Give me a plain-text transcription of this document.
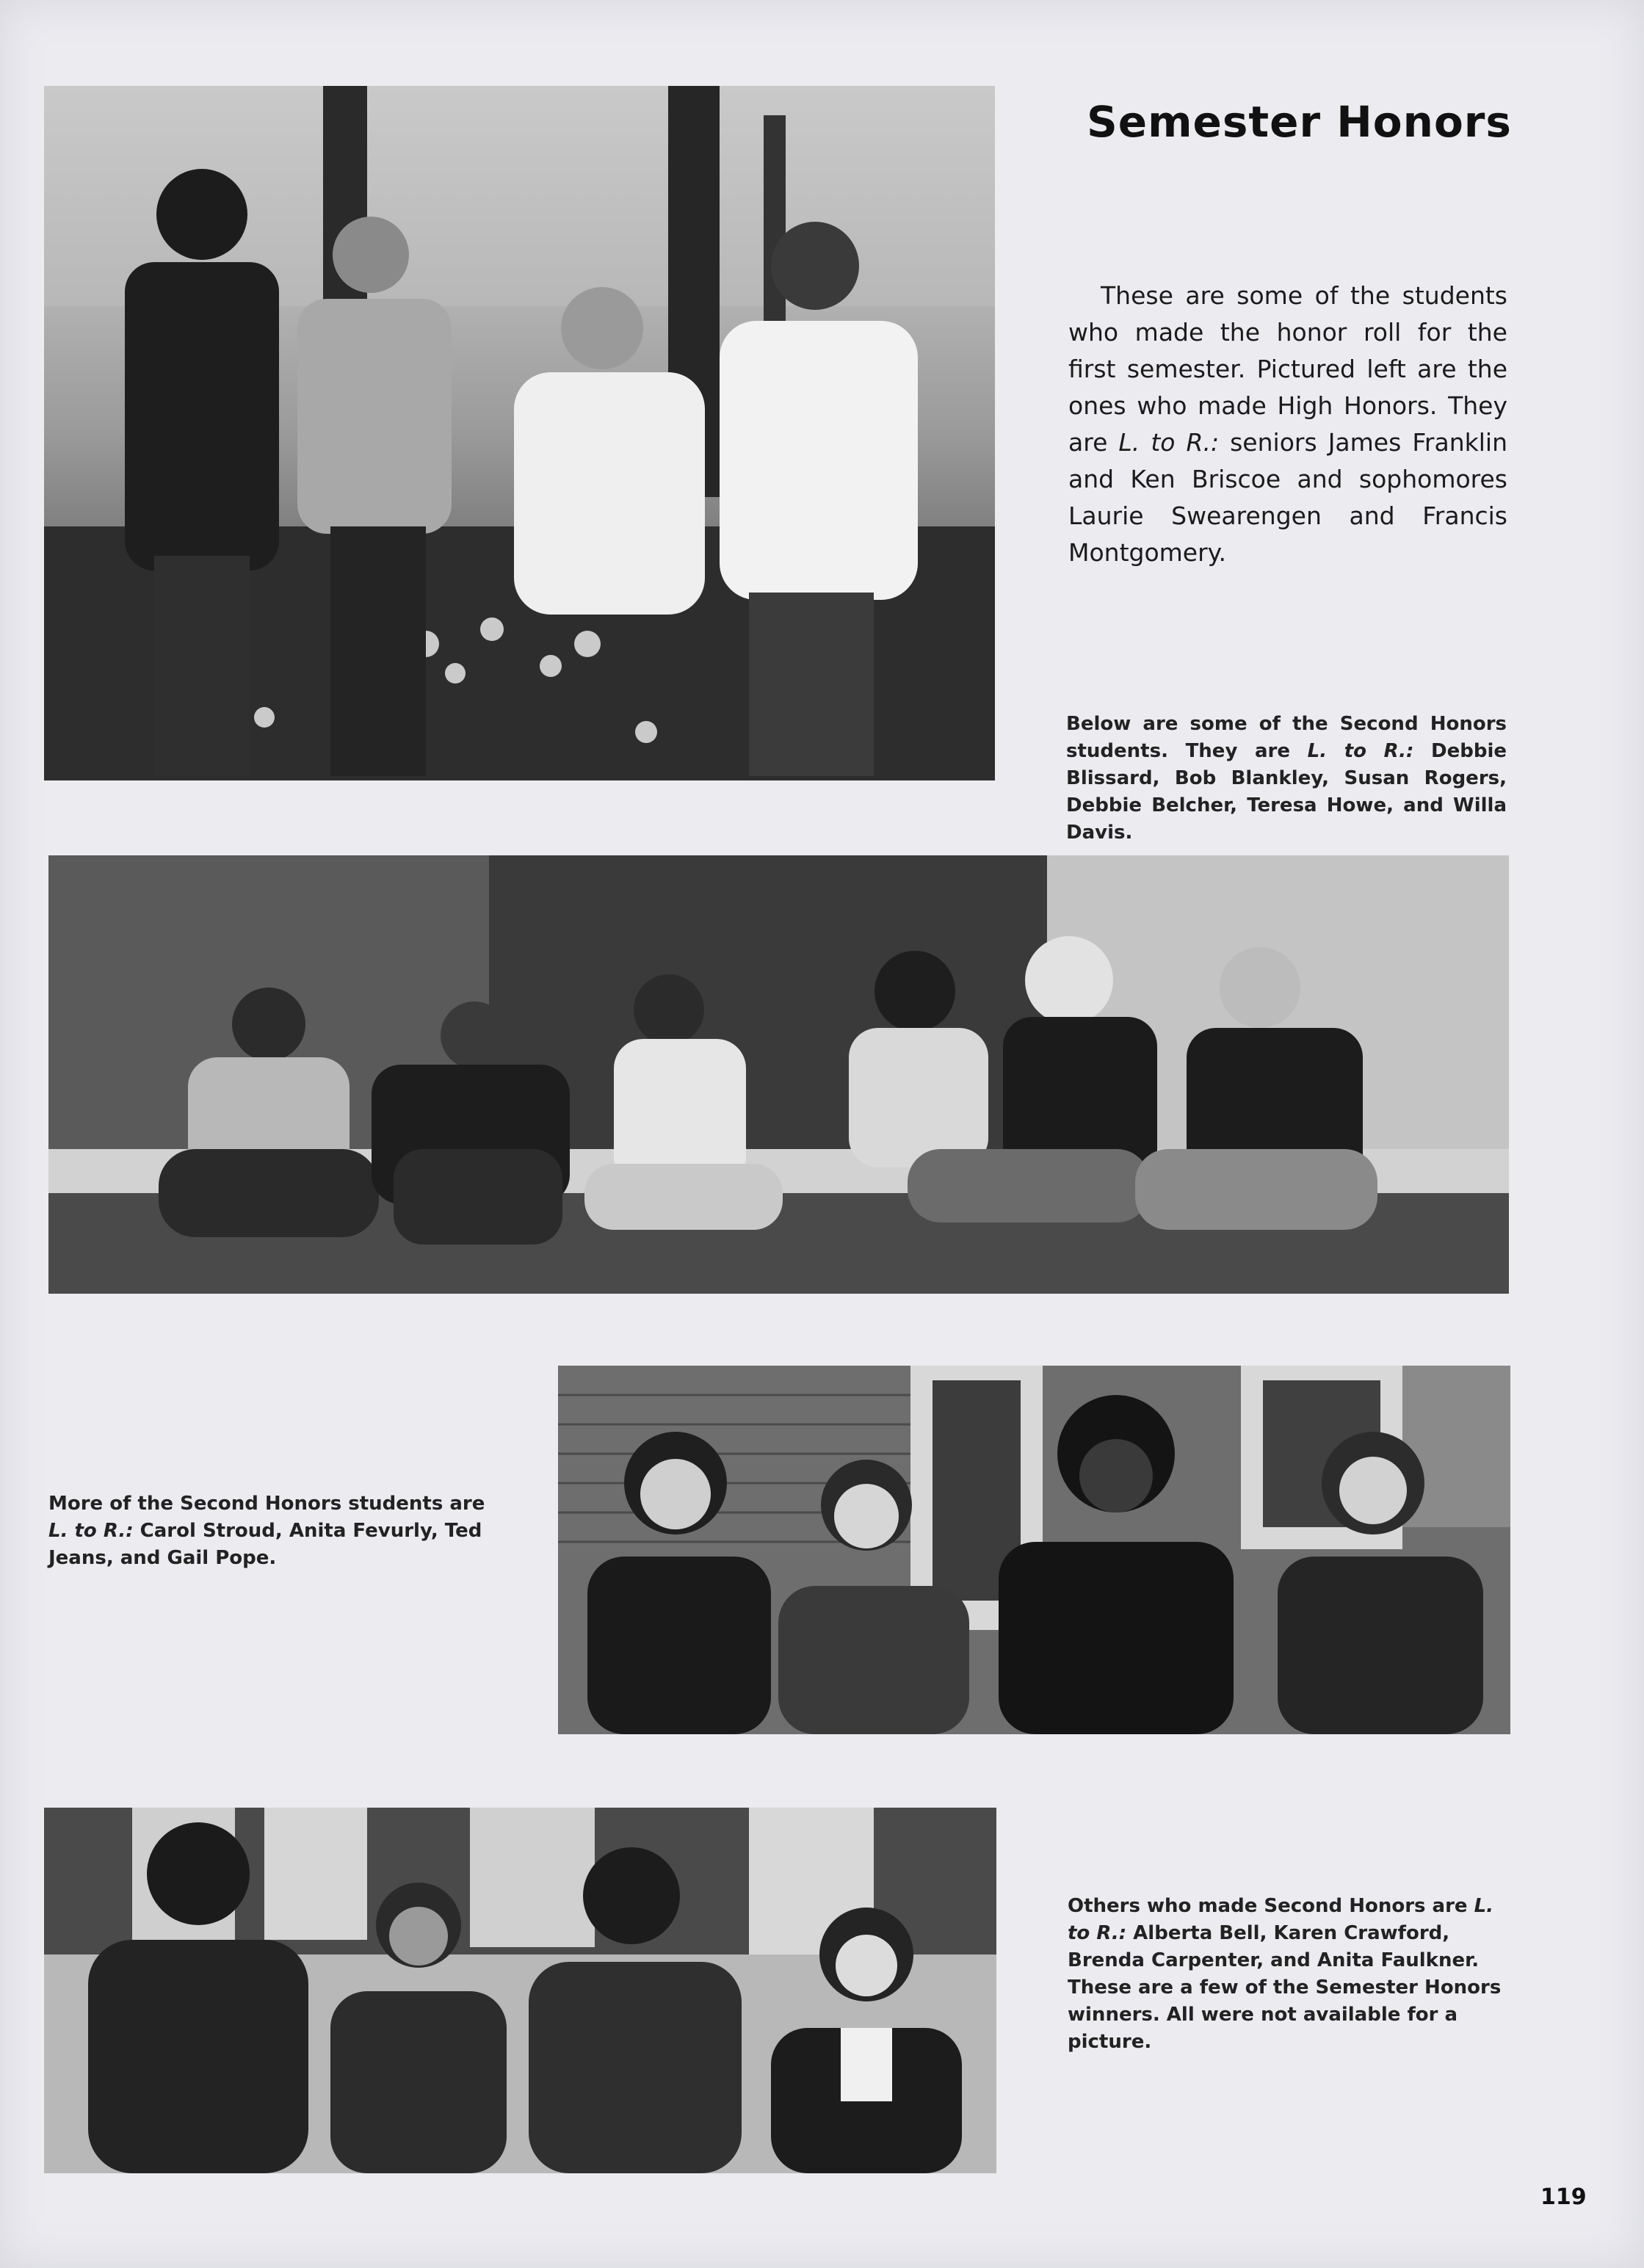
Semester Honors

These are some of the students who made the honor roll for the first semester. Pictured left are the ones who made High Honors. They are L. to R.: seniors James Franklin and Ken Briscoe and sophomores Laurie Swearengen and Francis Montgomery.

Below are some of the Second Honors students. They are L. to R.: Debbie Blissard, Bob Blankley, Susan Rogers, Debbie Belcher, Teresa Howe, and Willa Davis.
More of the Second Honors students are L. to R.: Carol Stroud, Anita Fevurly, Ted Jeans, and Gail Pope.
Others who made Second Honors are L. to R.: Alberta Bell, Karen Crawford, Brenda Carpenter, and Anita Faulkner. These are a few of the Semester Honors winners. All were not available for a picture.
119
